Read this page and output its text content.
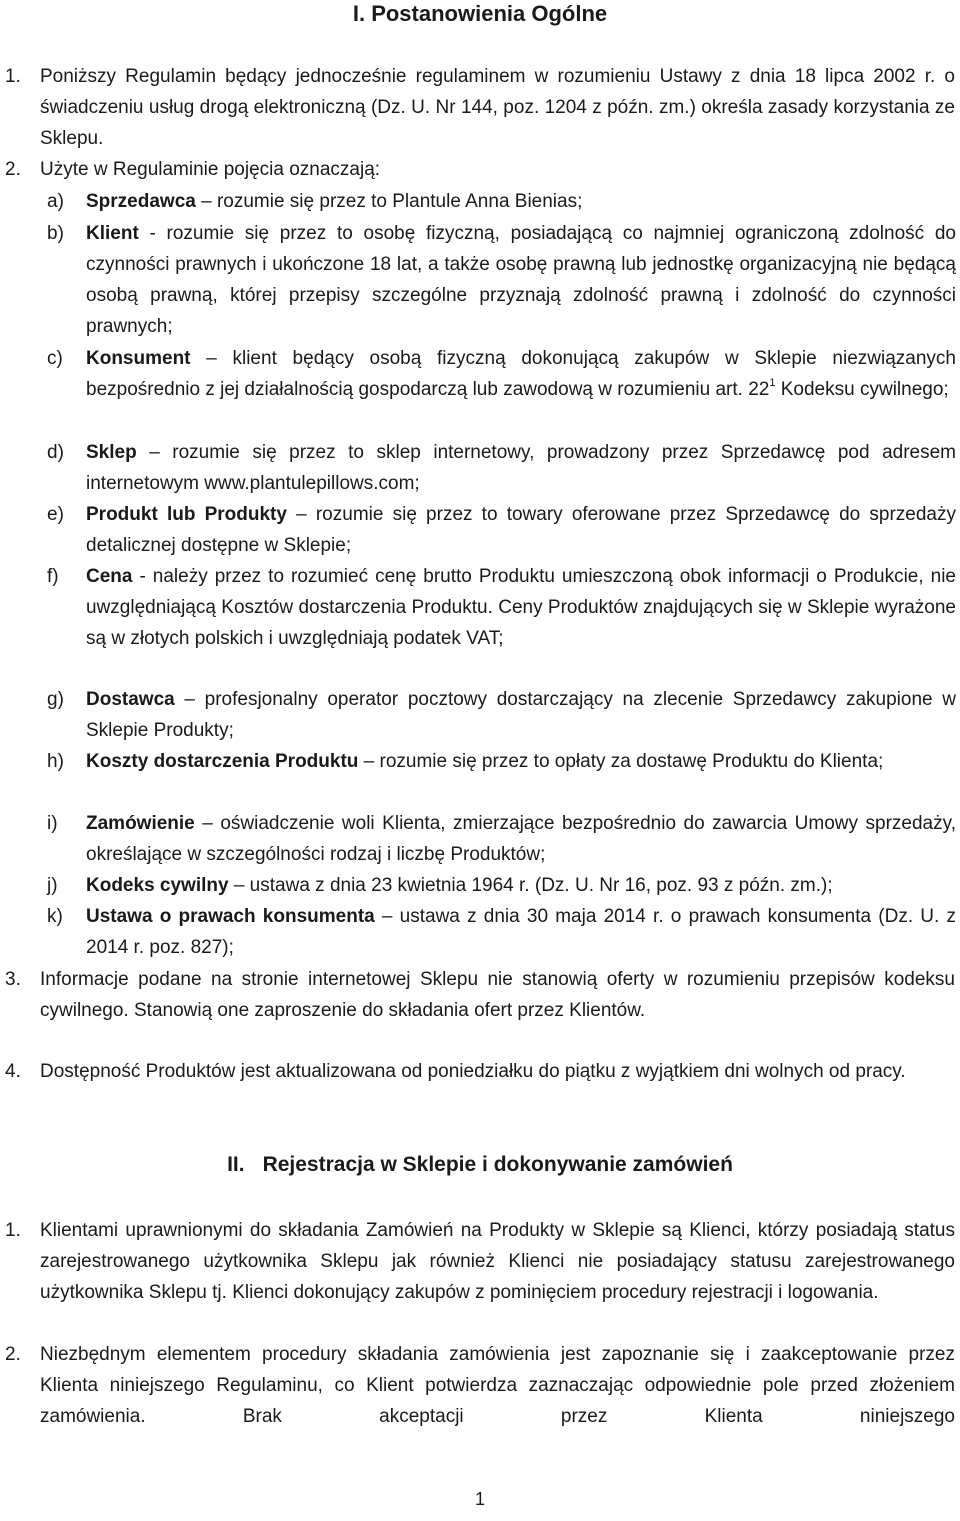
I. Postanowienia Ogólne
1.	Poniższy Regulamin będący jednocześnie regulaminem w rozumieniu Ustawy z dnia 18 lipca 2002 r. o świadczeniu usług drogą elektroniczną (Dz. U. Nr 144, poz. 1204 z późn. zm.) określa zasady korzystania ze Sklepu.
2.	Użyte w Regulaminie pojęcia oznaczają:
a)	Sprzedawca – rozumie się przez to Plantule Anna Bienias;
b)	Klient - rozumie się przez to osobę fizyczną, posiadającą co najmniej ograniczoną zdolność do czynności prawnych i ukończone 18 lat, a także osobę prawną lub jednostkę organizacyjną nie będącą osobą prawną, której przepisy szczególne przyznają zdolność prawną i zdolność do czynności prawnych;
c)	Konsument – klient będący osobą fizyczną dokonującą zakupów w Sklepie niezwiązanych bezpośrednio z jej działalnością gospodarczą lub zawodową w rozumieniu art. $22^1$ Kodeksu cywilnego;
d)	Sklep – rozumie się przez to sklep internetowy, prowadzony przez Sprzedawcę pod adresem internetowym www.plantulepillows.com;
e)	Produkt lub Produkty – rozumie się przez to towary oferowane przez Sprzedawcę do sprzedaży detalicznej dostępne w Sklepie;
f)	Cena - należy przez to rozumieć cenę brutto Produktu umieszczoną obok informacji o Produkcie, nie uwzględniającą Kosztów dostarczenia Produktu. Ceny Produktów znajdujących się w Sklepie wyrażone są w złotych polskich i uwzględniają podatek VAT;
g)	Dostawca – profesjonalny operator pocztowy dostarczający na zlecenie Sprzedawcy zakupione w Sklepie Produkty;
h)	Koszty dostarczenia Produktu – rozumie się przez to opłaty za dostawę Produktu do Klienta;
i)	Zamówienie – oświadczenie woli Klienta, zmierzające bezpośrednio do zawarcia Umowy sprzedaży, określające w szczególności rodzaj i liczbę Produktów;
j)	Kodeks cywilny – ustawa z dnia 23 kwietnia 1964 r. (Dz. U. Nr 16, poz. 93 z późn. zm.);
k)	Ustawa o prawach konsumenta – ustawa z dnia 30 maja 2014 r. o prawach konsumenta (Dz. U. z 2014 r. poz. 827);
3.	Informacje podane na stronie internetowej Sklepu nie stanowią oferty w rozumieniu przepisów kodeksu cywilnego. Stanowią one zaproszenie do składania ofert przez Klientów.
4.	Dostępność Produktów jest aktualizowana od poniedziałku do piątku z wyjątkiem dni wolnych od pracy.
II. Rejestracja w Sklepie i dokonywanie zamówień
1.	Klientami uprawnionymi do składania Zamówień na Produkty w Sklepie są Klienci, którzy posiadają status zarejestrowanego użytkownika Sklepu jak również Klienci nie posiadający statusu zarejestrowanego użytkownika Sklepu tj. Klienci dokonujący zakupów z pominięciem procedury rejestracji i logowania.
2.	Niezbędnym elementem procedury składania zamówienia jest zapoznanie się i zaakceptowanie przez Klienta niniejszego Regulaminu, co Klient potwierdza zaznaczając odpowiednie pole przed złożeniem zamówienia. Brak akceptacji przez Klienta niniejszego
1
